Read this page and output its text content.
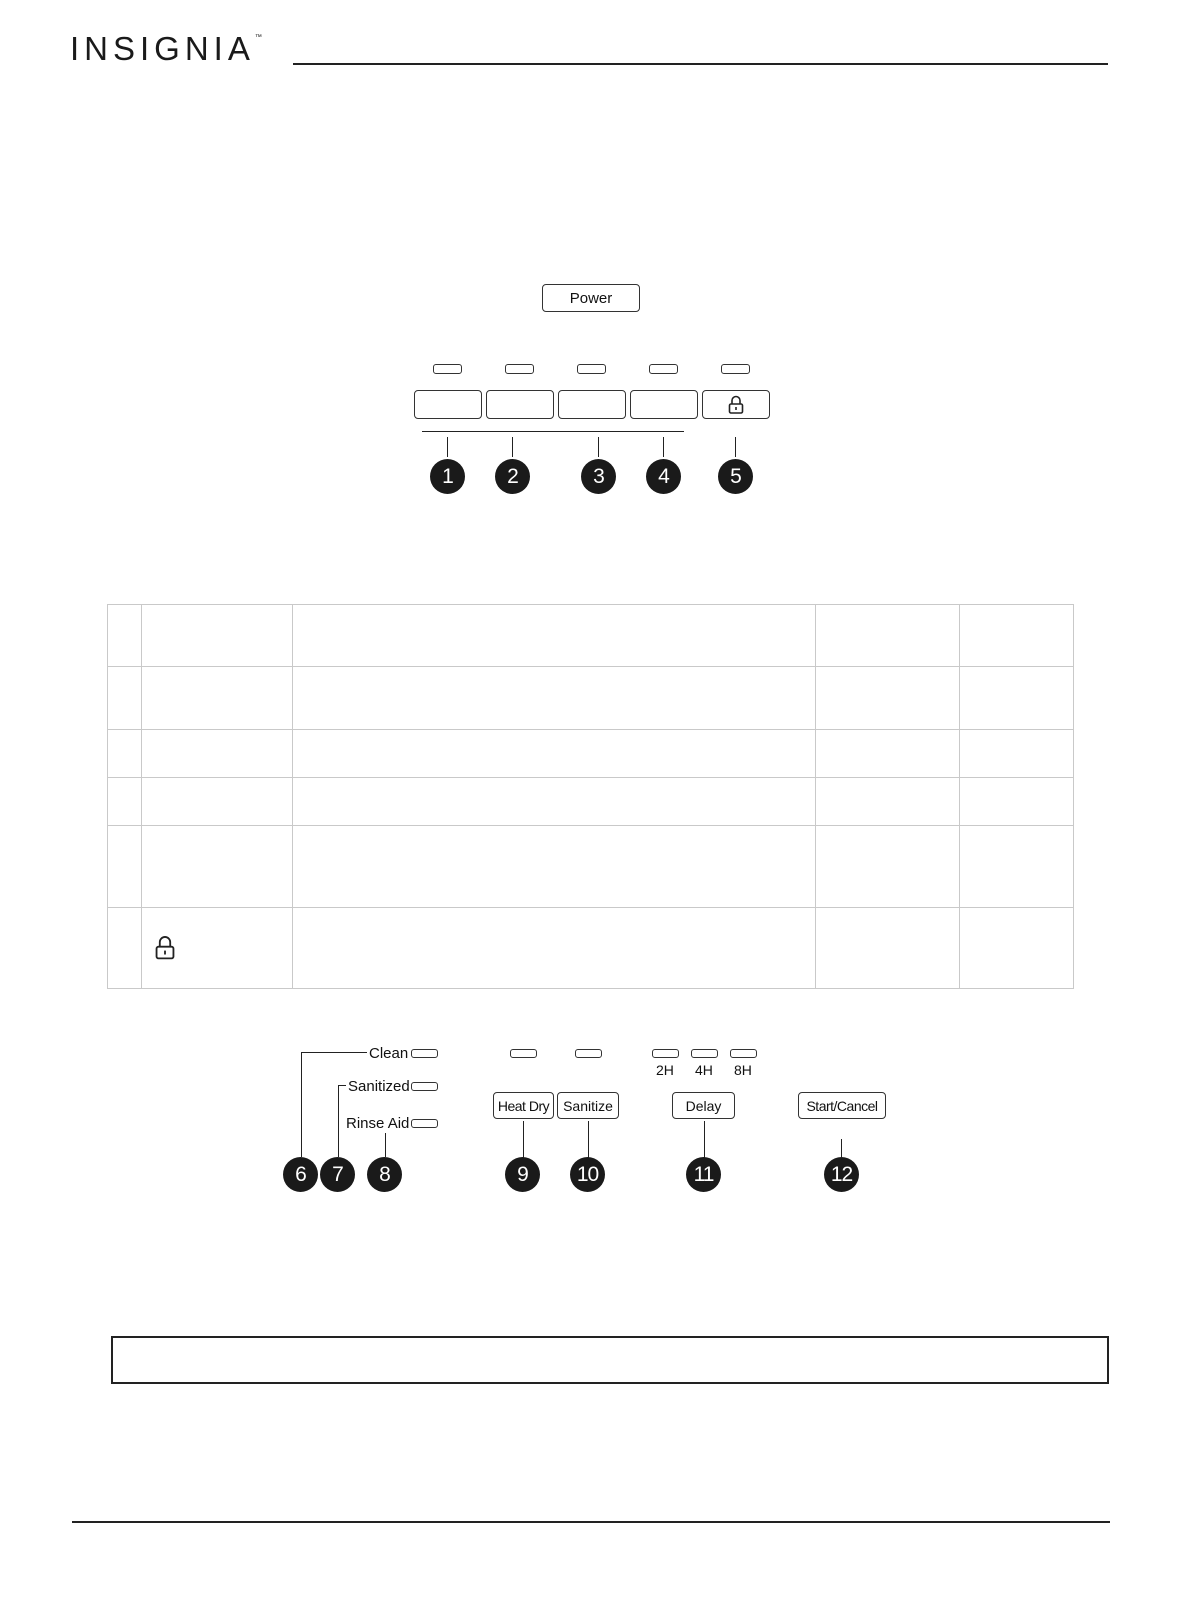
INSIGNIA™
Power
1	2	3	4	5

Clean
Sanitized
Rinse Aid
Heat Dry Sanitize
2H 4H 8H
Delay	Start/Cancel
6 7 8	9 10	11	12
